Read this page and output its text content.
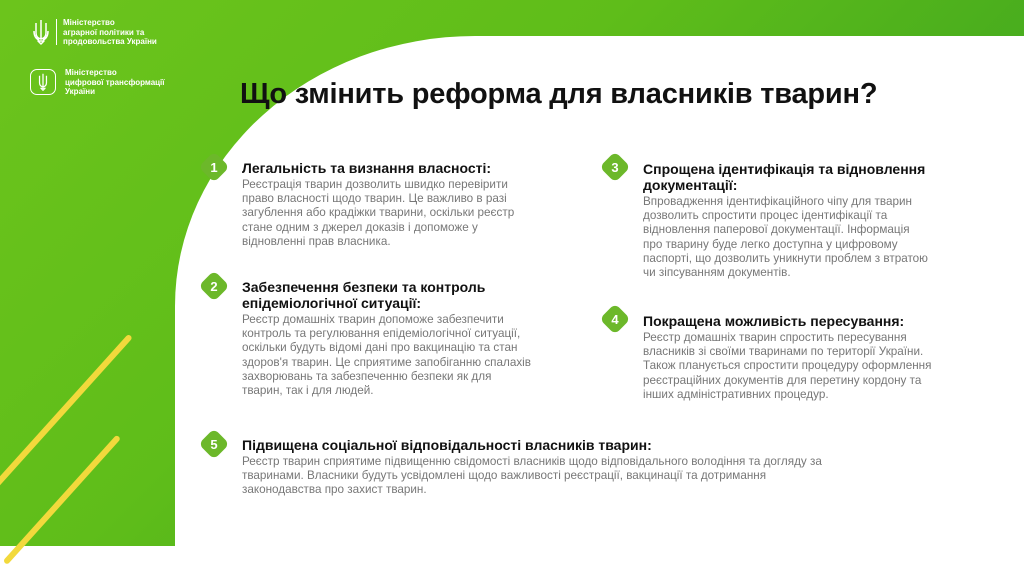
Міністерство
аграрної політики та
продовольства України
Міністерство
цифрової трансформації
України	Що змінить реформа для власників тварин?
1
2
3
4
5

Легальність та визнання власності:

Реєстрація тварин дозволить швидко перевірити
право власності щодо тварин. Це важливо в разі
загублення або крадіжки тварини, оскільки реєстр
стане одним з джерел доказів і допоможе у
відновленні прав власника.

Забезпечення безпеки та контроль
епідеміологічної ситуації:

Реєстр домашніх тварин допоможе забезпечити
контроль та регулювання епідеміологічної ситуації,
оскільки будуть відомі дані про вакцинацію та стан
здоров'я тварин. Це сприятиме запобіганню спалахів
захворювань та забезпеченню безпеки як для
тварин, так і для людей.

Спрощена ідентифікація та відновлення
документації:

Впровадження ідентифікаційного чіпу для тварин
дозволить спростити процес ідентифікації та
відновлення паперової документації. Інформація
про тварину буде легко доступна у цифровому
паспорті, що дозволить уникнути проблем з втратою
чи зіпсуванням документів.

Покращена можливість пересування:

Реєстр домашніх тварин спростить пересування
власників зі своїми тваринами по території України.
Також планується спростити процедуру оформлення
реєстраційних документів для перетину кордону та
інших адміністративних процедур.

Підвищена соціальної відповідальності власників тварин:

Реєстр тварин сприятиме підвищенню свідомості власників щодо відповідального володіння та догляду за
тваринами. Власники будуть усвідомлені щодо важливості реєстрації, вакцинації та дотримання
законодавства про захист тварин.
